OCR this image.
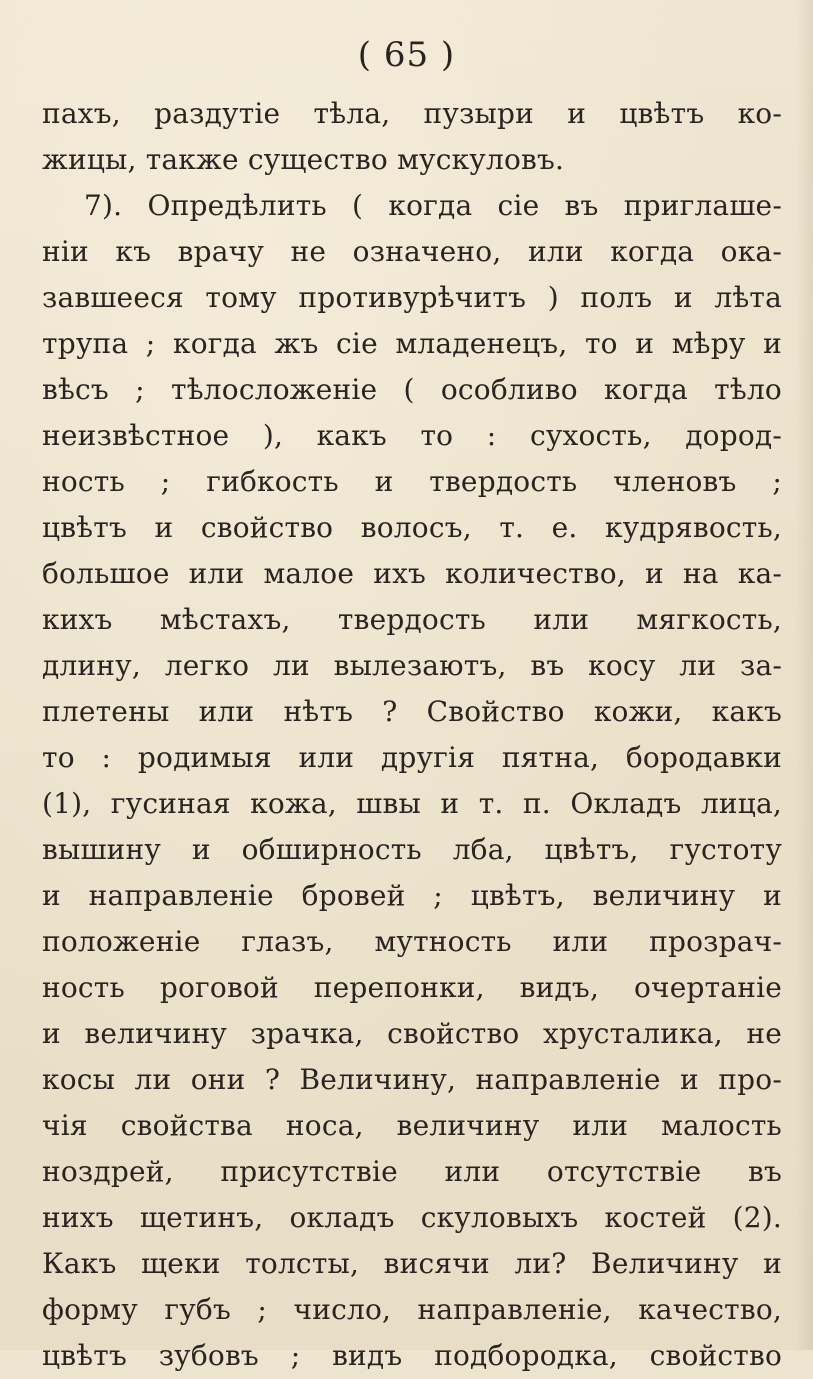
( 65 )
пахъ, раздутіе тѣла, пузыри и цвѣтъ ко-
жицы, также существо мускуловъ.
7). Опредѣлить ( когда сіе въ приглаше-
ніи къ врачу не означено, или когда ока-
завшееся тому противурѣчитъ ) полъ и лѣта
трупа ; когда жъ сіе младенецъ, то и мѣру и
вѣсъ ; тѣлосложеніе ( особливо когда тѣло
неизвѣстное ), какъ то : сухость, дород-
ность ; гибкость и твердость членовъ ;
цвѣтъ и свойство волосъ, т. е. кудрявость,
большое или малое ихъ количество, и на ка-
кихъ мѣстахъ, твердость или мягкость,
длину, легко ли вылезаютъ, въ косу ли за-
плетены или нѣтъ ? Свойство кожи, какъ
то : родимыя или другія пятна, бородавки
(1), гусиная кожа, швы и т. п. Окладъ лица,
вышину и обширность лба, цвѣтъ, густоту
и направленіе бровей ; цвѣтъ, величину и
положеніе глазъ, мутность или прозрач-
ность роговой перепонки, видъ, очертаніе
и величину зрачка, свойство хрусталика, не
косы ли они ? Величину, направленіе и про-
чія свойства носа, величину или малость
ноздрей, присутствіе или отсутствіе въ
нихъ щетинъ, окладъ скуловыхъ костей (2).
Какъ щеки толсты, висячи ли? Величину и
форму губъ ; число, направленіе, качество,
цвѣтъ зубовъ ; видъ подбородка, свойство
